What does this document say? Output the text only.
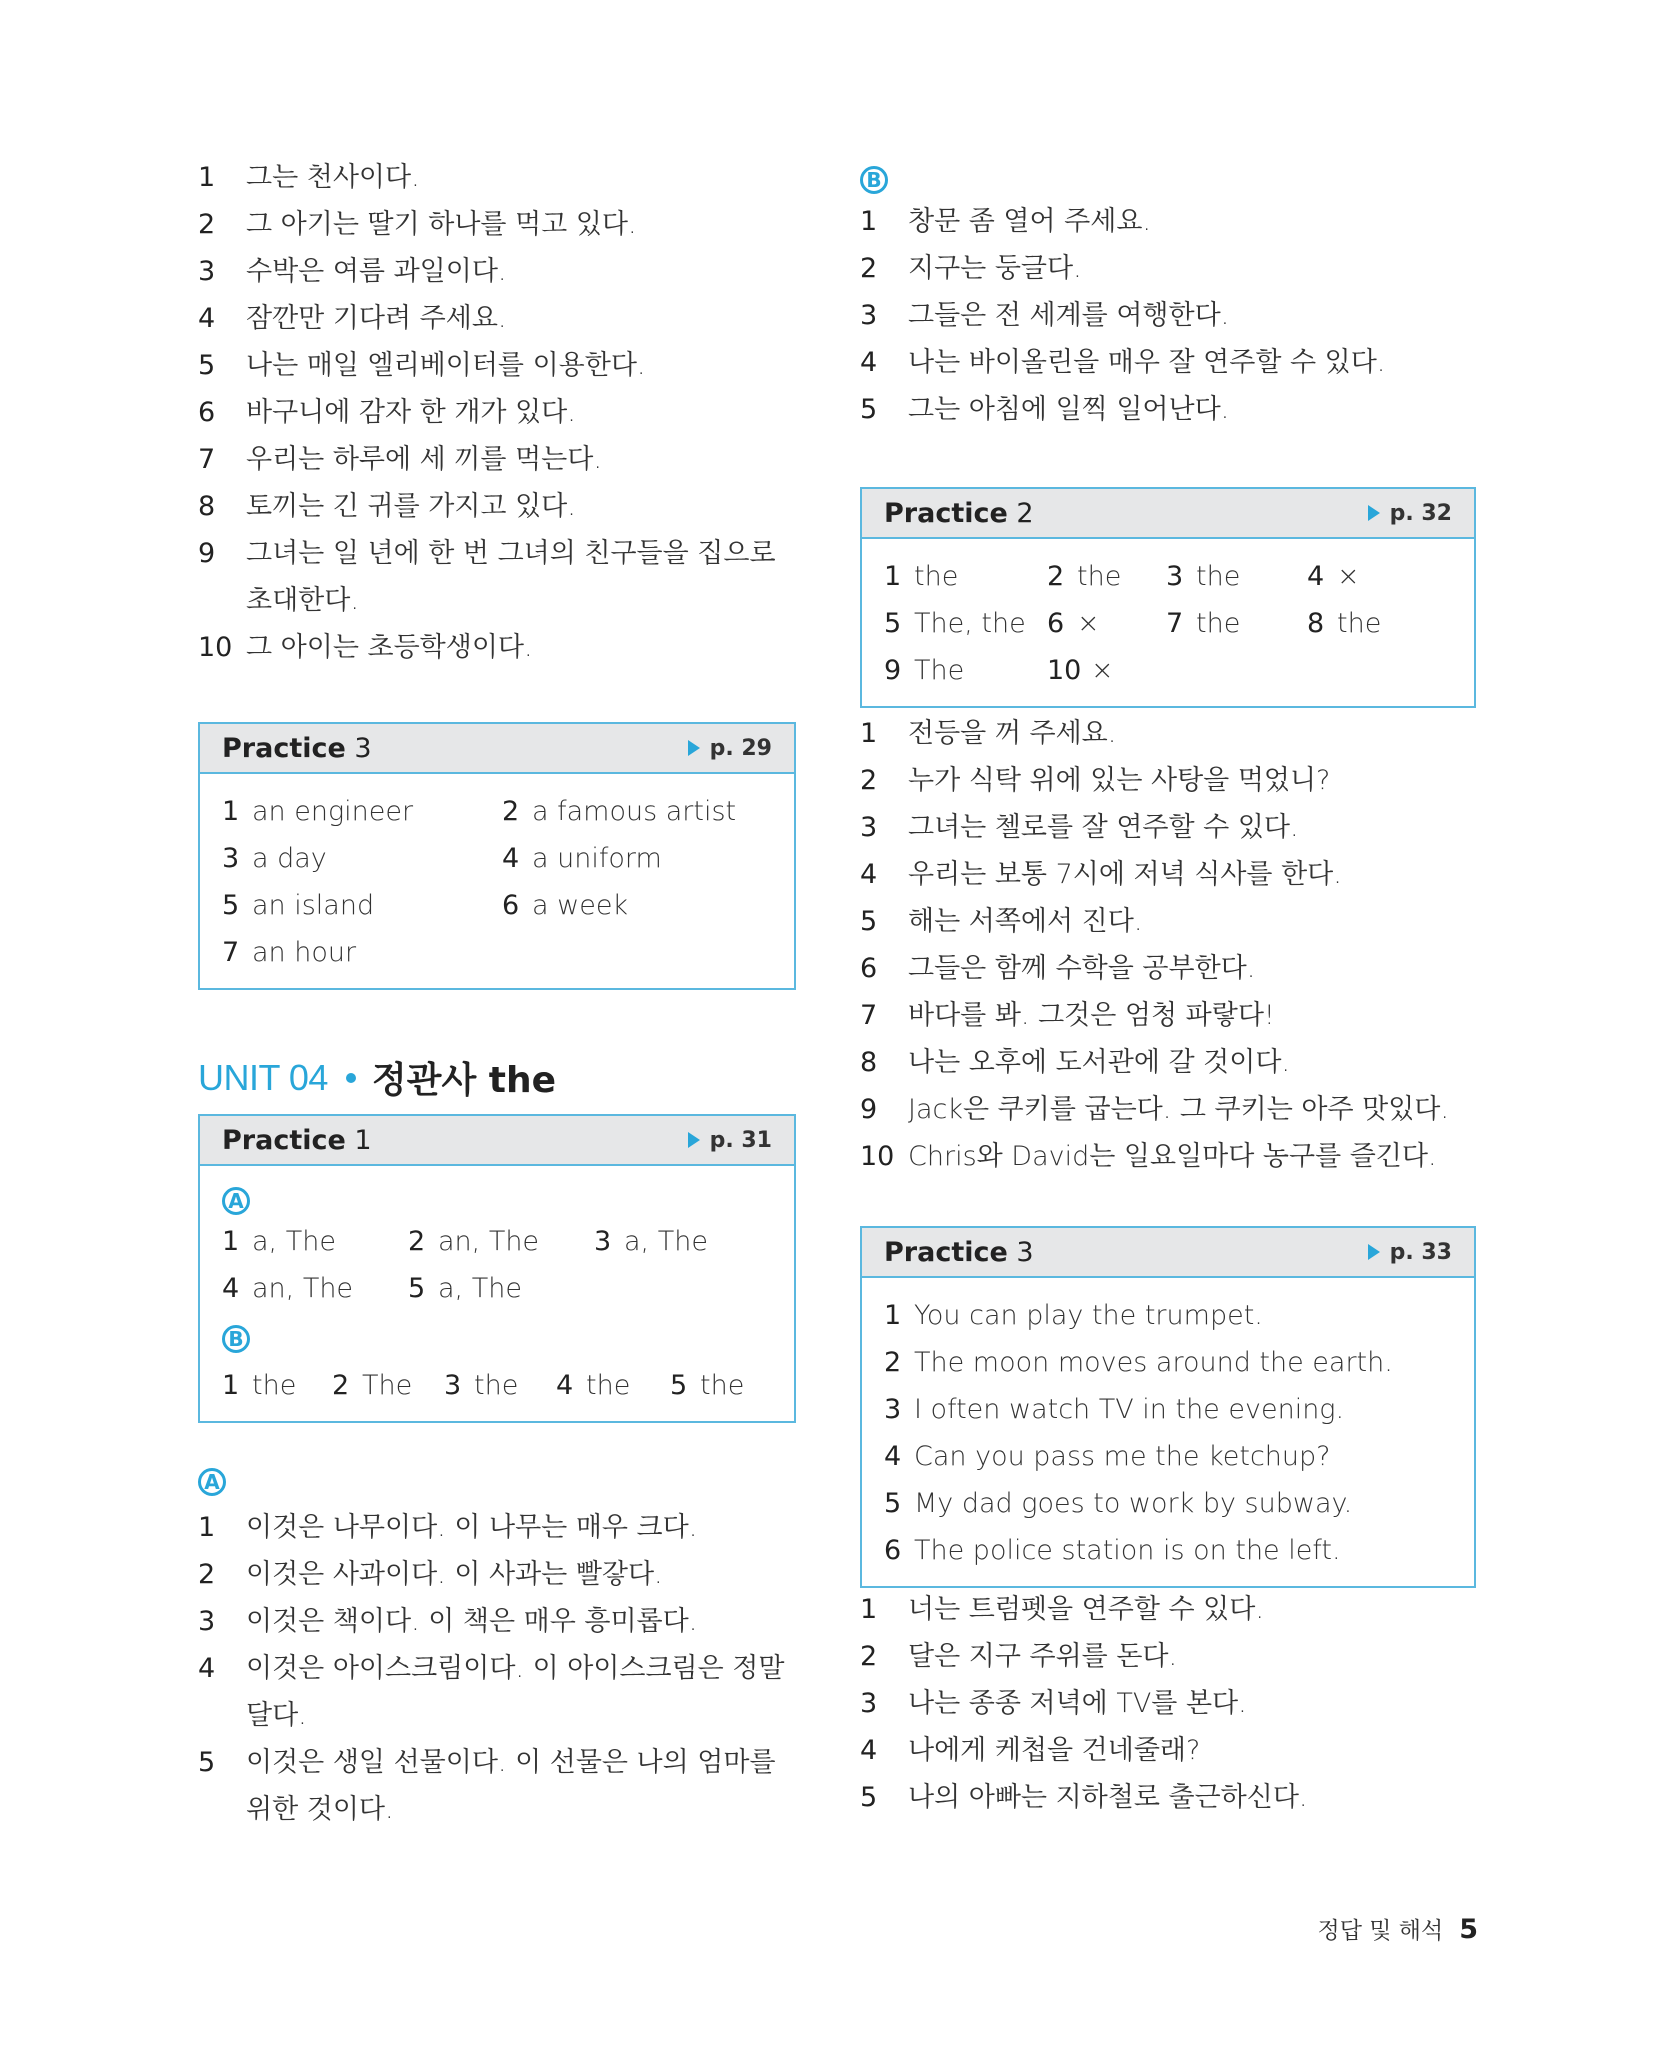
1	그는 천사이다.
2	그 아기는 딸기 하나를 먹고 있다.
3	수박은 여름 과일이다.
4	잠깐만 기다려 주세요.
5	나는 매일 엘리베이터를 이용한다.
6	바구니에 감자 한 개가 있다.
7	우리는 하루에 세 끼를 먹는다.
8	토끼는 긴 귀를 가지고 있다.
9	그녀는 일 년에 한 번 그녀의 친구들을 집으로 초대한다.
10 그 아이는 초등학생이다.
Practice 3	p. 29
1 an engineer	2 a famous artist
3 a day	4 a uniform
5 an island	6 a week
7 an hour
UNIT 04 정관사 the
Practice 1	p. 31
A
1 a, The	2 an, The 3 a, The
4 an, The 5 a, The
B
1 the 2 The 3 the 4 the 5 the
A
1	이것은 나무이다. 이 나무는 매우 크다.
2	이것은 사과이다. 이 사과는 빨갛다.
3	이것은 책이다. 이 책은 매우 흥미롭다.
4	이것은 아이스크림이다. 이 아이스크림은 정말 달다.
5	이것은 생일 선물이다. 이 선물은 나의 엄마를 위한 것이다.
B
1	창문 좀 열어 주세요.
2	지구는 둥글다.
3	그들은 전 세계를 여행한다.
4	나는 바이올린을 매우 잘 연주할 수 있다.
5	그는 아침에 일찍 일어난다.
Practice 2	p. 32
1 the	2 the 3 the 4 ×
5 The, the 6 × 7 the 8 the
9 The	10 ×
1	전등을 꺼 주세요.
2	누가 식탁 위에 있는 사탕을 먹었니?
3	그녀는 첼로를 잘 연주할 수 있다.
4	우리는 보통 7시에 저녁 식사를 한다.
5	해는 서쪽에서 진다.
6	그들은 함께 수학을 공부한다.
7	바다를 봐. 그것은 엄청 파랗다!
8	나는 오후에 도서관에 갈 것이다.
9	Jack은 쿠키를 굽는다. 그 쿠키는 아주 맛있다.
10 Chris와 David는 일요일마다 농구를 즐긴다.
Practice 3	p. 33
1 You can play the trumpet.
2 The moon moves around the earth.
3 I often watch TV in the evening.
4 Can you pass me the ketchup?
5 My dad goes to work by subway.
6 The police station is on the left.
1	너는 트럼펫을 연주할 수 있다.
2	달은 지구 주위를 돈다.
3	나는 종종 저녁에 TV를 본다.
4	나에게 케첩을 건네줄래?
5	나의 아빠는 지하철로 출근하신다.
정답 및 해석 5
